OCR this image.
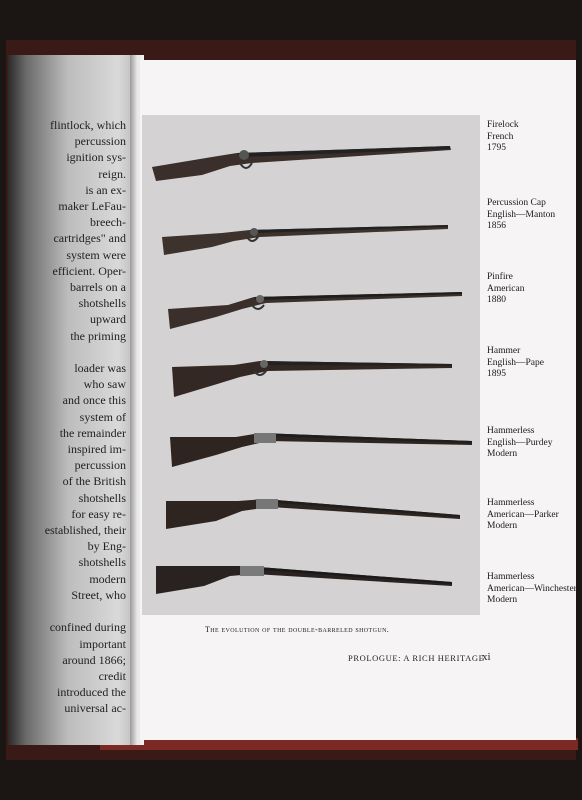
flintlock, which
percussion
ignition sys-
reign.
is an ex-
maker LeFau-
breech-
cartridges" and
system were
efficient. Oper-
barrels on a
shotshells
upward
the priming

loader was
who saw
and once this
system of
the remainder
inspired im-
percussion
of the British
shotshells
for easy re-
established, their
by Eng-
shotshells
modern
Street, who

confined during
important
around 1866;
credit
introduced the
universal ac-
Firelock
French
1795
Percussion Cap
English—Manton
1856
Pinfire
American
1880
Hammer
English—Pape
1895
Hammerless
English—Purdey
Modern
Hammerless
American—Parker
Modern
Hammerless
American—Winchester
Modern
The evolution of the double-barreled shotgun.
PROLOGUE: A RICH HERITAGE
xi
